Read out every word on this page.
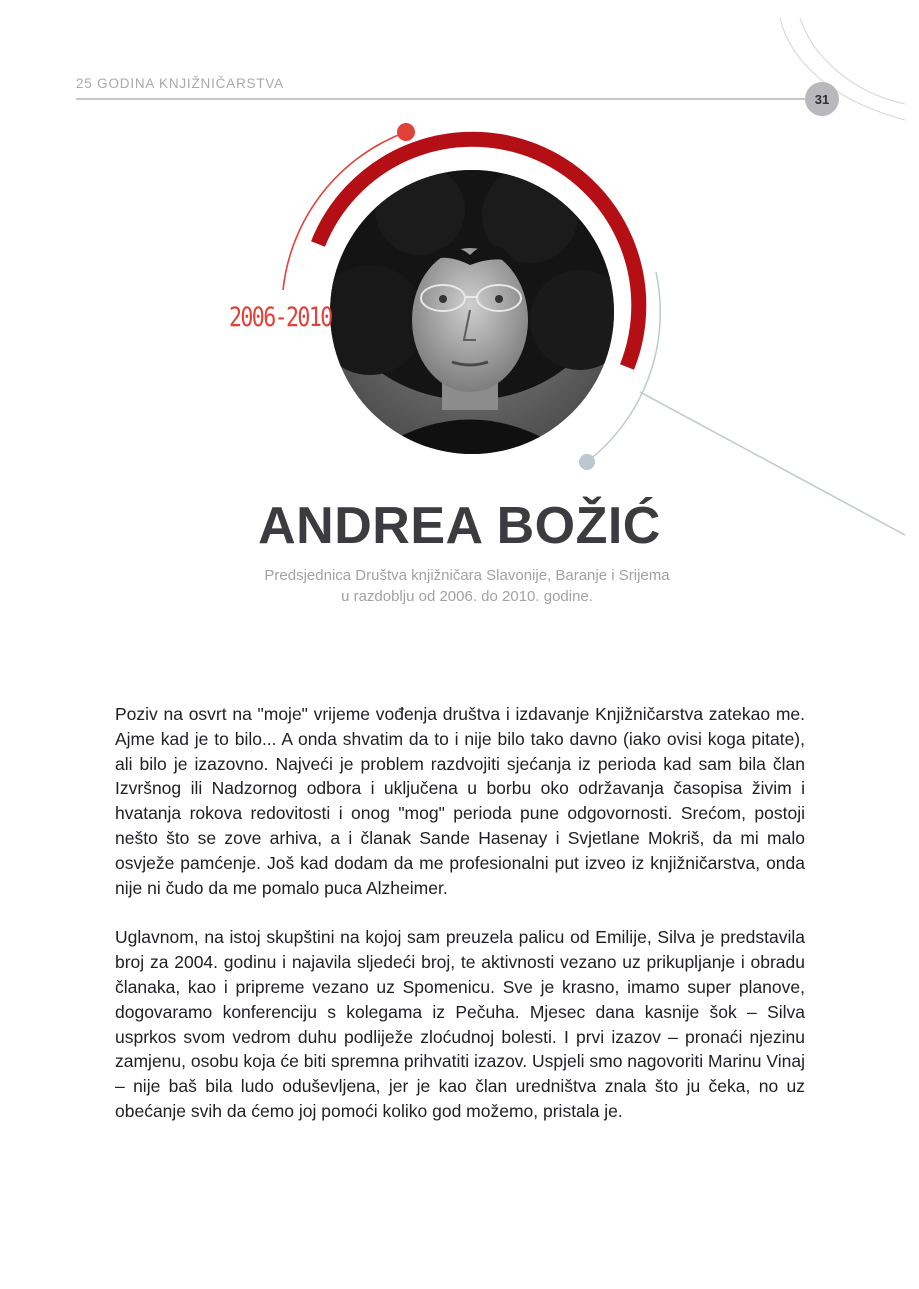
25 GODINA KNJIŽNIČARSTVA
31
2006-2010
ANDREA BOŽIĆ
Predsjednica Društva knjižničara Slavonije, Baranje i Srijema
u razdoblju od 2006. do 2010. godine.

Poziv na osvrt na "moje" vrijeme vođenja društva i izdavanje Knjižničarstva zatekao me. Ajme kad je to bilo... A onda shvatim da to i nije bilo tako davno (iako ovisi koga pitate), ali bilo je izazovno. Najveći je problem razdvojiti sjećanja iz perioda kad sam bila član Izvršnog ili Nadzornog odbora i uključena u borbu oko održavanja časopisa živim i hvatanja rokova redovitosti i onog "mog" perioda pune odgovornosti. Srećom, postoji nešto što se zove arhiva, a i članak Sande Hasenay i Svjetlane Mokriš, da mi malo osvježe pamćenje. Još kad dodam da me profesionalni put izveo iz knjižničarstva, onda nije ni čudo da me pomalo puca Alzheimer.

Uglavnom, na istoj skupštini na kojoj sam preuzela palicu od Emilije, Silva je predstavila broj za 2004. godinu i najavila sljedeći broj, te aktivnosti vezano uz prikupljanje i obradu članaka, kao i pripreme vezano uz Spomenicu. Sve je krasno, imamo super planove, dogovaramo konferenciju s kolegama iz Pečuha. Mjesec dana kasnije šok – Silva usprkos svom vedrom duhu podliježe zloćudnoj bolesti. I prvi izazov – pronaći njezinu zamjenu, osobu koja će biti spremna prihvatiti izazov. Uspjeli smo nagovoriti Marinu Vinaj – nije baš bila ludo oduševljena, jer je kao član uredništva znala što ju čeka, no uz obećanje svih da ćemo joj pomoći koliko god možemo, pristala je.
